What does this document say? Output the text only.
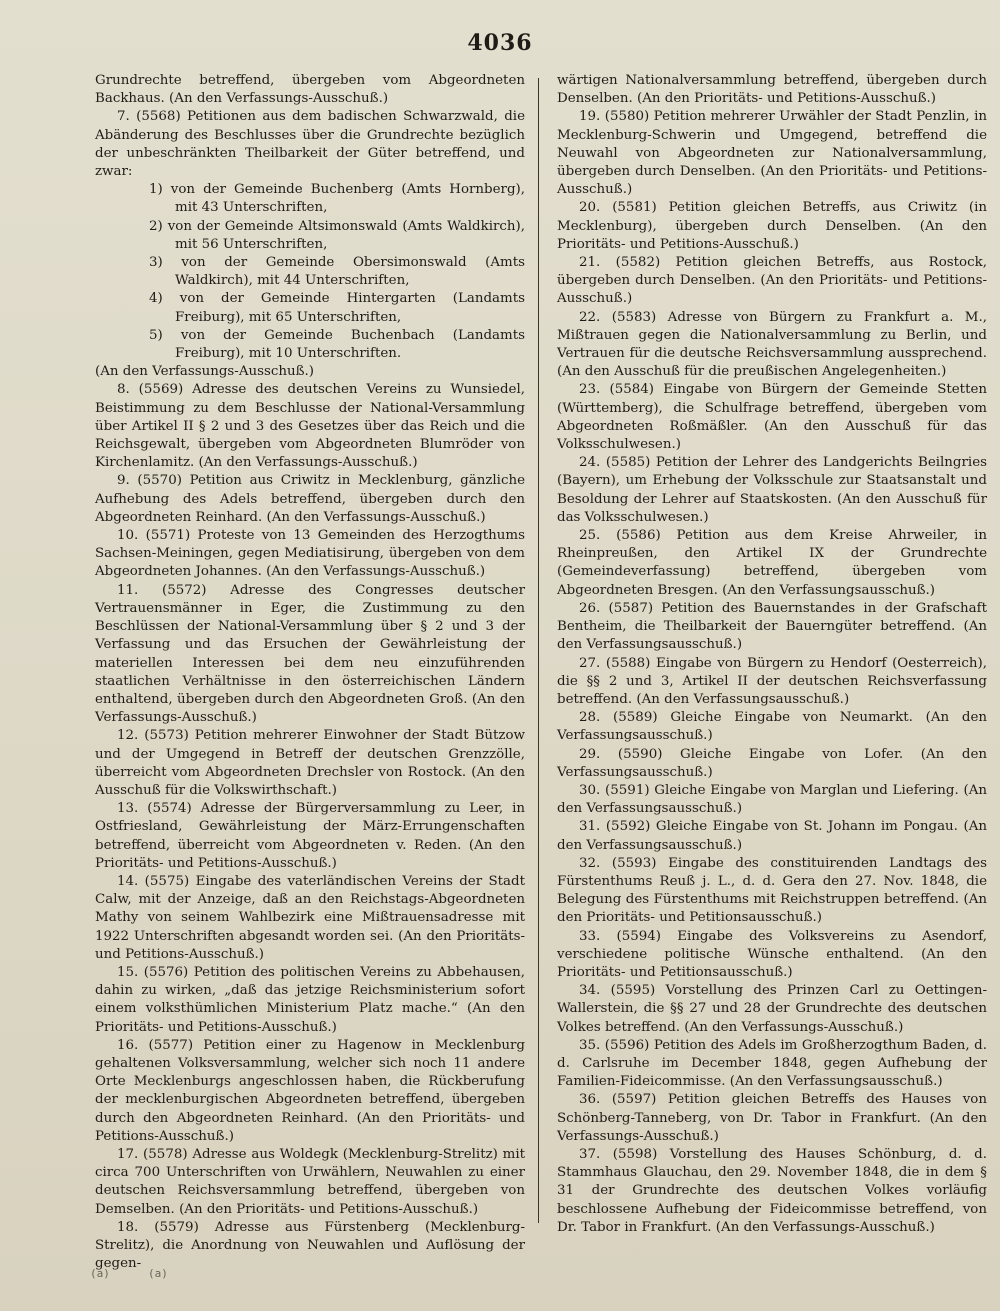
4036

Grundrechte betreffend, übergeben vom Abgeordneten Backhaus. (An den Verfassungs-Ausschuß.)

7. (5568) Petitionen aus dem badischen Schwarzwald, die Abänderung des Beschlusses über die Grundrechte bezüglich der unbeschränkten Theilbarkeit der Güter betreffend, und zwar:

1) von der Gemeinde Buchenberg (Amts Hornberg), mit 43 Unterschriften,
2) von der Gemeinde Altsimonswald (Amts Waldkirch), mit 56 Unterschriften,
3) von der Gemeinde Obersimonswald (Amts Waldkirch), mit 44 Unterschriften,
4) von der Gemeinde Hintergarten (Landamts Freiburg), mit 65 Unterschriften,
5) von der Gemeinde Buchenbach (Landamts Freiburg), mit 10 Unterschriften.

(An den Verfassungs-Ausschuß.)

8. (5569) Adresse des deutschen Vereins zu Wunsiedel, Beistimmung zu dem Beschlusse der National-Versammlung über Artikel II § 2 und 3 des Gesetzes über das Reich und die Reichsgewalt, übergeben vom Abgeordneten Blumröder von Kirchenlamitz. (An den Verfassungs-Ausschuß.)

9. (5570) Petition aus Criwitz in Mecklenburg, gänzliche Aufhebung des Adels betreffend, übergeben durch den Abgeordneten Reinhard. (An den Verfassungs-Ausschuß.)

10. (5571) Proteste von 13 Gemeinden des Herzogthums Sachsen-Meiningen, gegen Mediatisirung, übergeben von dem Abgeordneten Johannes. (An den Verfassungs-Ausschuß.)

11. (5572) Adresse des Congresses deutscher Vertrauensmänner in Eger, die Zustimmung zu den Beschlüssen der National-Versammlung über § 2 und 3 der Verfassung und das Ersuchen der Gewährleistung der materiellen Interessen bei dem neu einzuführenden staatlichen Verhältnisse in den österreichischen Ländern enthaltend, übergeben durch den Abgeordneten Groß. (An den Verfassungs-Ausschuß.)

12. (5573) Petition mehrerer Einwohner der Stadt Bützow und der Umgegend in Betreff der deutschen Grenzzölle, überreicht vom Abgeordneten Drechsler von Rostock. (An den Ausschuß für die Volkswirthschaft.)

13. (5574) Adresse der Bürgerversammlung zu Leer, in Ostfriesland, Gewährleistung der März-Errungenschaften betreffend, überreicht vom Abgeordneten v. Reden. (An den Prioritäts- und Petitions-Ausschuß.)

14. (5575) Eingabe des vaterländischen Vereins der Stadt Calw, mit der Anzeige, daß an den Reichstags-Abgeordneten Mathy von seinem Wahlbezirk eine Mißtrauensadresse mit 1922 Unterschriften abgesandt worden sei. (An den Prioritäts- und Petitions-Ausschuß.)

15. (5576) Petition des politischen Vereins zu Abbehausen, dahin zu wirken, „daß das jetzige Reichsministerium sofort einem volksthümlichen Ministerium Platz mache.“ (An den Prioritäts- und Petitions-Ausschuß.)

16. (5577) Petition einer zu Hagenow in Mecklenburg gehaltenen Volksversammlung, welcher sich noch 11 andere Orte Mecklenburgs angeschlossen haben, die Rückberufung der mecklenburgischen Abgeordneten betreffend, übergeben durch den Abgeordneten Reinhard. (An den Prioritäts- und Petitions-Ausschuß.)

17. (5578) Adresse aus Woldegk (Mecklenburg-Strelitz) mit circa 700 Unterschriften von Urwählern, Neuwahlen zu einer deutschen Reichsversammlung betreffend, übergeben von Demselben. (An den Prioritäts- und Petitions-Ausschuß.)

18. (5579) Adresse aus Fürstenberg (Mecklenburg-Strelitz), die Anordnung von Neuwahlen und Auflösung der gegen-

wärtigen Nationalversammlung betreffend, übergeben durch Denselben. (An den Prioritäts- und Petitions-Ausschuß.)

19. (5580) Petition mehrerer Urwähler der Stadt Penzlin, in Mecklenburg-Schwerin und Umgegend, betreffend die Neuwahl von Abgeordneten zur Nationalversammlung, übergeben durch Denselben. (An den Prioritäts- und Petitions-Ausschuß.)

20. (5581) Petition gleichen Betreffs, aus Criwitz (in Mecklenburg), übergeben durch Denselben. (An den Prioritäts- und Petitions-Ausschuß.)

21. (5582) Petition gleichen Betreffs, aus Rostock, übergeben durch Denselben. (An den Prioritäts- und Petitions-Ausschuß.)

22. (5583) Adresse von Bürgern zu Frankfurt a. M., Mißtrauen gegen die Nationalversammlung zu Berlin, und Vertrauen für die deutsche Reichsversammlung aussprechend. (An den Ausschuß für die preußischen Angelegenheiten.)

23. (5584) Eingabe von Bürgern der Gemeinde Stetten (Württemberg), die Schulfrage betreffend, übergeben vom Abgeordneten Roßmäßler. (An den Ausschuß für das Volksschulwesen.)

24. (5585) Petition der Lehrer des Landgerichts Beilngries (Bayern), um Erhebung der Volksschule zur Staatsanstalt und Besoldung der Lehrer auf Staatskosten. (An den Ausschuß für das Volksschulwesen.)

25. (5586) Petition aus dem Kreise Ahrweiler, in Rheinpreußen, den Artikel IX der Grundrechte (Gemeindeverfassung) betreffend, übergeben vom Abgeordneten Bresgen. (An den Verfassungsausschuß.)

26. (5587) Petition des Bauernstandes in der Grafschaft Bentheim, die Theilbarkeit der Bauerngüter betreffend. (An den Verfassungsausschuß.)

27. (5588) Eingabe von Bürgern zu Hendorf (Oesterreich), die §§ 2 und 3, Artikel II der deutschen Reichsverfassung betreffend. (An den Verfassungsausschuß.)

28. (5589) Gleiche Eingabe von Neumarkt. (An den Verfassungsausschuß.)

29. (5590) Gleiche Eingabe von Lofer. (An den Verfassungsausschuß.)

30. (5591) Gleiche Eingabe von Marglan und Liefering. (An den Verfassungsausschuß.)

31. (5592) Gleiche Eingabe von St. Johann im Pongau. (An den Verfassungsausschuß.)

32. (5593) Eingabe des constituirenden Landtags des Fürstenthums Reuß j. L., d. d. Gera den 27. Nov. 1848, die Belegung des Fürstenthums mit Reichstruppen betreffend. (An den Prioritäts- und Petitionsausschuß.)

33. (5594) Eingabe des Volksvereins zu Asendorf, verschiedene politische Wünsche enthaltend. (An den Prioritäts- und Petitionsausschuß.)

34. (5595) Vorstellung des Prinzen Carl zu Oettingen-Wallerstein, die §§ 27 und 28 der Grundrechte des deutschen Volkes betreffend. (An den Verfassungs-Ausschuß.)

35. (5596) Petition des Adels im Großherzogthum Baden, d. d. Carlsruhe im December 1848, gegen Aufhebung der Familien-Fideicommisse. (An den Verfassungsausschuß.)

36. (5597) Petition gleichen Betreffs des Hauses von Schönberg-Tanneberg, von Dr. Tabor in Frankfurt. (An den Verfassungs-Ausschuß.)

37. (5598) Vorstellung des Hauses Schönburg, d. d. Stammhaus Glauchau, den 29. November 1848, die in dem § 31 der Grundrechte des deutschen Volkes vorläufig beschlossene Aufhebung der Fideicommisse betreffend, von Dr. Tabor in Frankfurt. (An den Verfassungs-Ausschuß.)

(a)	(a)
